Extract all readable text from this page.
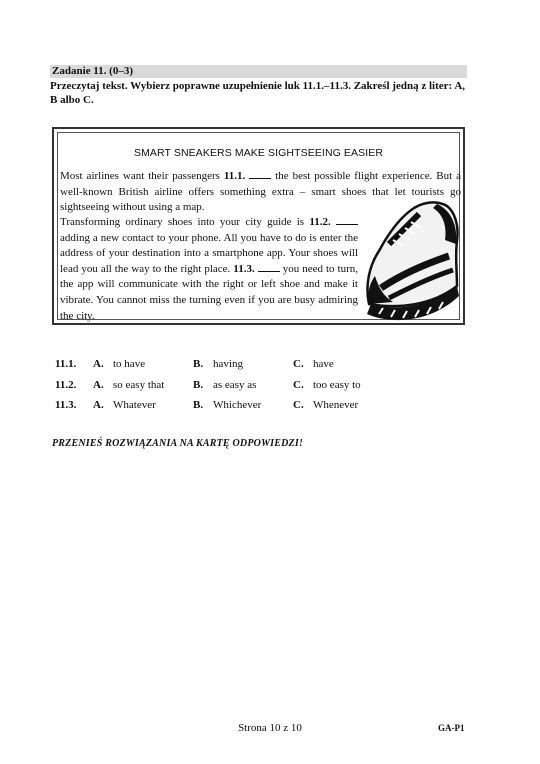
Zadanie 11. (0–3)
Przeczytaj tekst. Wybierz poprawne uzupełnienie luk 11.1.–11.3. Zakreśl jedną z liter: A, B albo C.
SMART SNEAKERS MAKE SIGHTSEEING EASIER
Most airlines want their passengers 11.1.  the best possible flight experience. But a well-known British airline offers something extra – smart shoes that let tourists go sightseeing without using a map.
Transforming ordinary shoes into your city guide is 11.2.  adding a new contact to your phone. All you have to do is enter the address of your destination into a smartphone app. Your shoes will lead you all the way to the right place. 11.3.  you need to turn, the app will communicate with the right or left shoe and make it vibrate. You cannot miss the turning even if you are busy admiring the city.
11.1.	A.	to have	B.	having	C.	have
11.2.	A.	so easy that	B.	as easy as	C.	too easy to
11.3.	A.	Whatever	B.	Whichever	C.	Whenever
PRZENIEŚ ROZWIĄZANIA NA KARTĘ ODPOWIEDZI!
Strona 10 z 10	GA-P1
